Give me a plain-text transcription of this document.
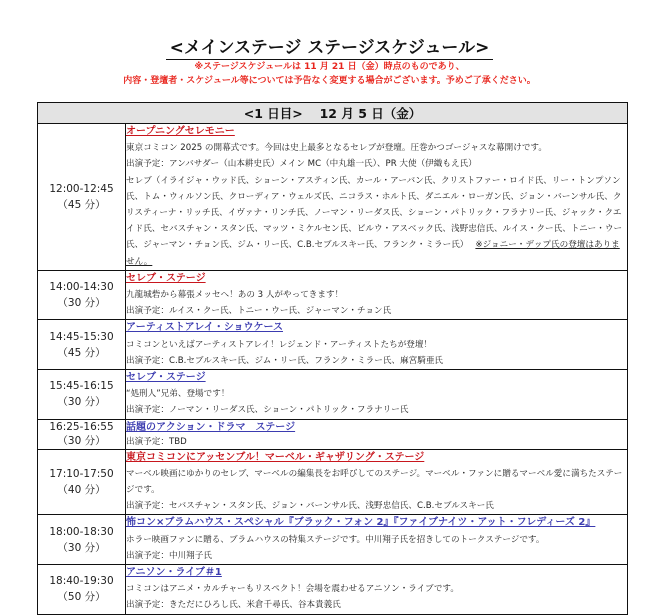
<メインステージ ステージスケジュール>
※ステージスケジュールは 11 月 21 日（金）時点のものであり、
内容・登壇者・スケジュール等については予告なく変更する場合がございます。予めご了承ください。
<1 日目>　 12 月 5 日（金）	

12:00-12:45
（45 分）	オープニングセレモニー
東京コミコン 2025 の開幕式です。今回は史上最多となるセレブが登壇。圧巻かつゴージャスな幕開けです。
出演予定：アンバサダー（山本耕史氏）メイン MC（中丸雄一氏）、PR 大使（伊織もえ氏）
セレブ（イライジャ・ウッド氏、ショーン・アスティン氏、カール・アーバン氏、クリストファー・ロイド氏、リー・トンプソン氏、トム・ウィルソン氏、クローディア・ウェルズ氏、ニコラス・ホルト氏、ダニエル・ローガン氏、ジョン・バーンサル氏、クリスティーナ・リッチ氏、イヴァナ・リンチ氏、ノーマン・リーダス氏、ショーン・パトリック・フラナリー氏、ジャック・クエイド氏、セバスチャン・スタン氏、マッツ・ミケルセン氏、ビルウ・アスベック氏、浅野忠信氏、ルイス・クー氏、トニー・ウー氏、ジャーマン・チョン氏、ジム・リー氏、C.B.セブルスキー氏、フランク・ミラー氏）　 ※ジョニー・デップ氏の登壇はありません。

14:00-14:30
（30 分）	セレブ・ステージ
九龍城砦から幕張メッセへ！あの 3 人がやってきます！
出演予定：ルイス・クー氏、トニー・ウー氏、ジャーマン・チョン氏

14:45-15:30
（45 分）	アーティストアレイ・ショウケース
コミコンといえばアーティストアレイ！レジェンド・アーティストたちが登壇！
出演予定：C.B.セブルスキー氏、ジム・リー氏、フランク・ミラー氏、麻宮騎亜氏

15:45-16:15
（30 分）	セレブ・ステージ
“処刑人”兄弟、登場です！
出演予定：ノーマン・リーダス氏、ショーン・パトリック・フラナリー氏

16:25-16:55
（30 分）	話題のアクション・ドラマ　ステージ
出演予定：TBD

17:10-17:50
（40 分）	東京コミコンにアッセンブル！マーベル・ギャザリング・ステージ
マーベル映画にゆかりのセレブ、マーベルの編集長をお呼びしてのステージ。マーベル・ファンに贈るマーベル愛に満ちたステージです。
出演予定：セバスチャン・スタン氏、ジョン・バーンサル氏、浅野忠信氏、C.B.セブルスキー氏

18:00-18:30
（30 分）	怖コン×ブラムハウス・スペシャル『ブラック・フォン 2』『ファイブナイツ・アット・フレディーズ 2』
ホラー映画ファンに贈る、ブラムハウスの特集ステージです。中川翔子氏を招きしてのトークステージです。
出演予定：中川翔子氏

18:40-19:30
（50 分）	アニソン・ライブ＃1
コミコンはアニメ・カルチャーもリスペクト！会場を震わせるアニソン・ライブです。
出演予定：きただにひろし氏、米倉千尋氏、谷本貴義氏
